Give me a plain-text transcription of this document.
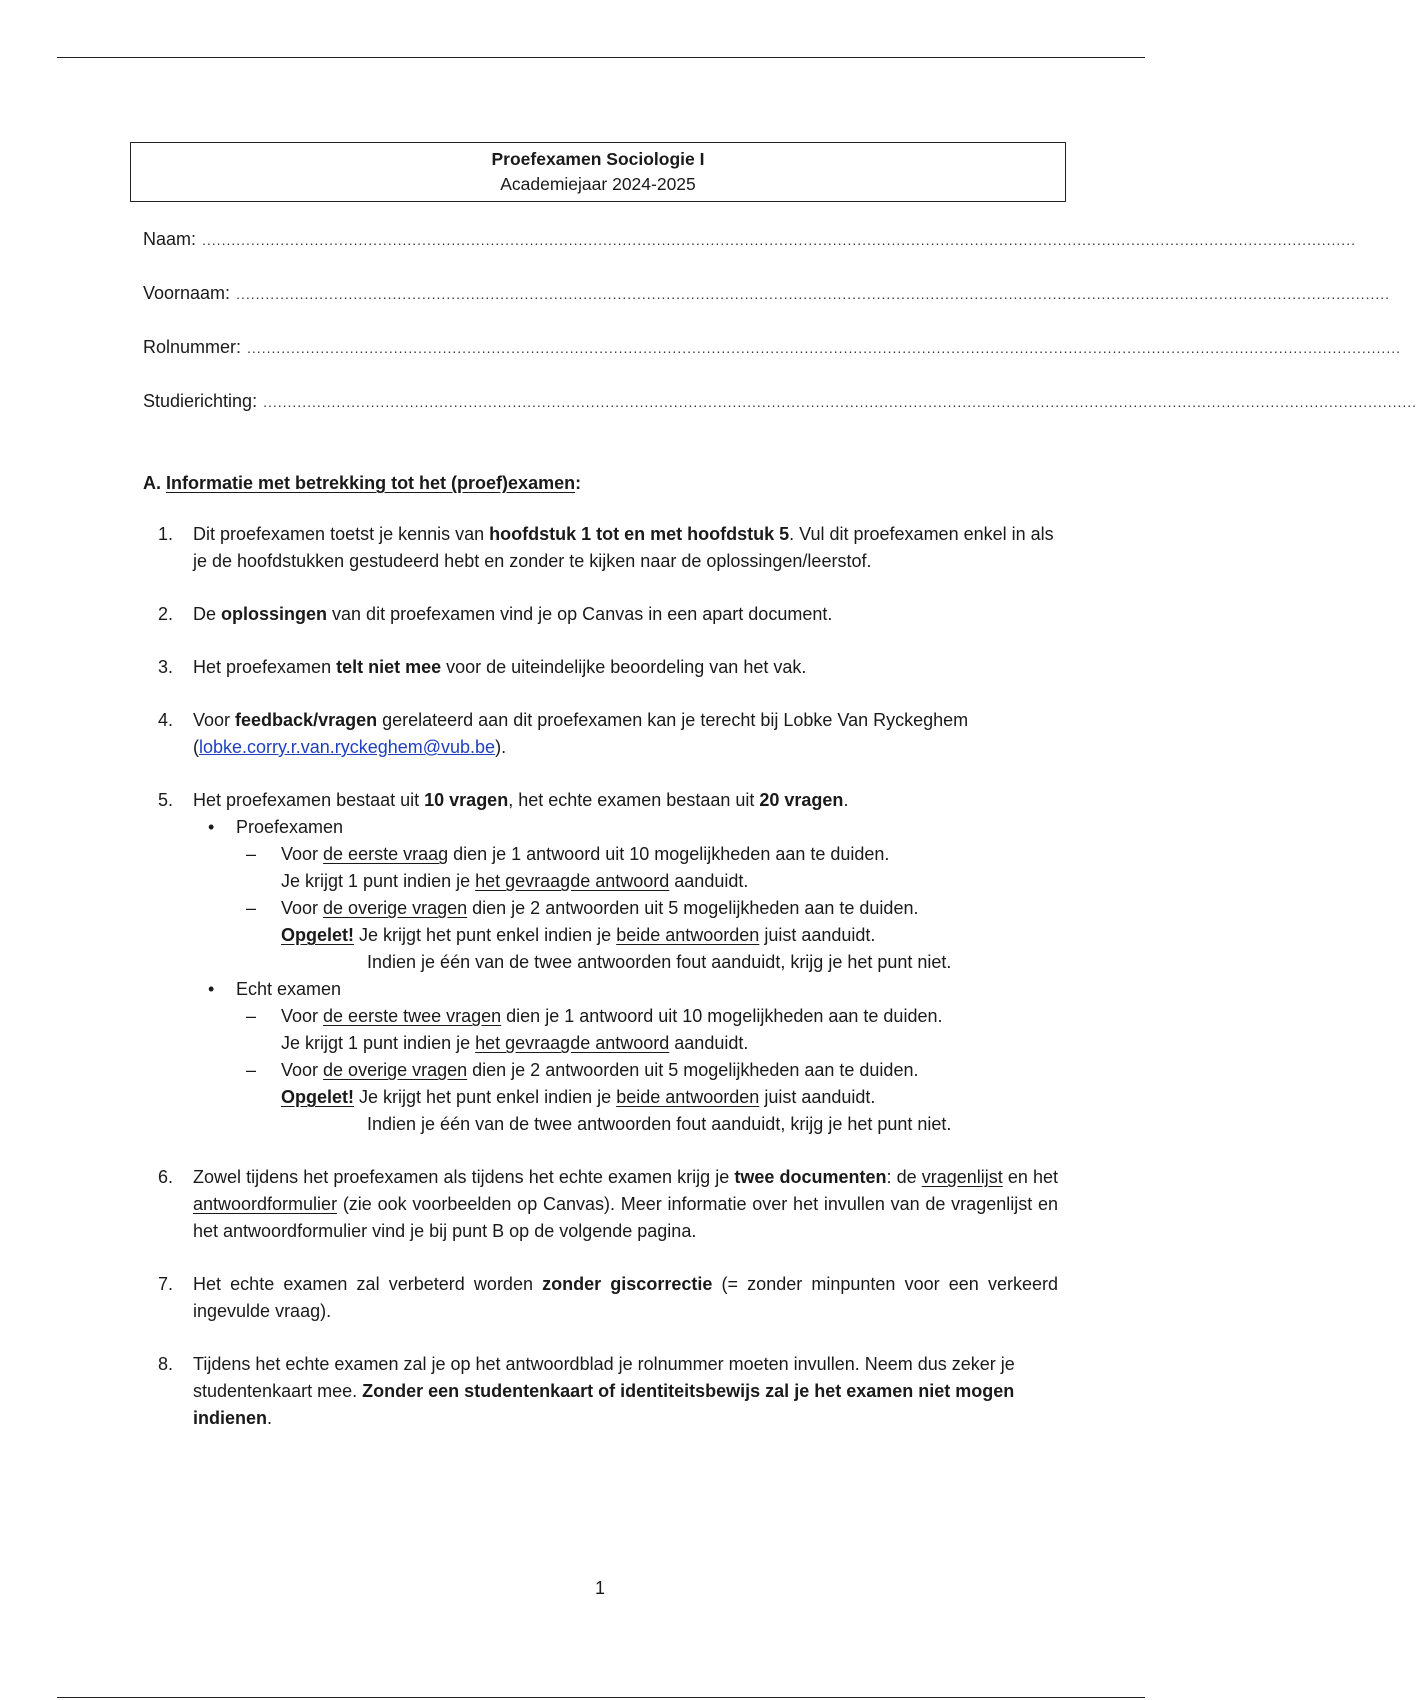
Proefexamen Sociologie I
Academiejaar 2024-2025
Naam: ............................................................................................................................................................................................................................................
Voornaam: ............................................................................................................................................................................................................................................
Rolnummer: ............................................................................................................................................................................................................................................
Studierichting: ............................................................................................................................................................................................................................................

A. Informatie met betrekking tot het (proef)examen:

1. Dit proefexamen toetst je kennis van hoofdstuk 1 tot en met hoofdstuk 5. Vul dit proefexamen enkel in als je de hoofdstukken gestudeerd hebt en zonder te kijken naar de oplossingen/leerstof.
2. De oplossingen van dit proefexamen vind je op Canvas in een apart document.
3. Het proefexamen telt niet mee voor de uiteindelijke beoordeling van het vak.
4. Voor feedback/vragen gerelateerd aan dit proefexamen kan je terecht bij Lobke Van Ryckeghem (lobke.corry.r.van.ryckeghem@vub.be).
5. Het proefexamen bestaat uit 10 vragen, het echte examen bestaan uit 20 vragen.
• Proefexamen
– Voor de eerste vraag dien je 1 antwoord uit 10 mogelijkheden aan te duiden.
Je krijgt 1 punt indien je het gevraagde antwoord aanduidt.
– Voor de overige vragen dien je 2 antwoorden uit 5 mogelijkheden aan te duiden.
Opgelet! Je krijgt het punt enkel indien je beide antwoorden juist aanduidt.
Indien je één van de twee antwoorden fout aanduidt, krijg je het punt niet.
• Echt examen
– Voor de eerste twee vragen dien je 1 antwoord uit 10 mogelijkheden aan te duiden.
Je krijgt 1 punt indien je het gevraagde antwoord aanduidt.
– Voor de overige vragen dien je 2 antwoorden uit 5 mogelijkheden aan te duiden.
Opgelet! Je krijgt het punt enkel indien je beide antwoorden juist aanduidt.
Indien je één van de twee antwoorden fout aanduidt, krijg je het punt niet.
6. Zowel tijdens het proefexamen als tijdens het echte examen krijg je twee documenten: de vragenlijst en het antwoordformulier (zie ook voorbeelden op Canvas). Meer informatie over het invullen van de vragenlijst en het antwoordformulier vind je bij punt B op de volgende pagina.
7. Het echte examen zal verbeterd worden zonder giscorrectie (= zonder minpunten voor een verkeerd ingevulde vraag).
8. Tijdens het echte examen zal je op het antwoordblad je rolnummer moeten invullen. Neem dus zeker je studentenkaart mee. Zonder een studentenkaart of identiteitsbewijs zal je het examen niet mogen indienen.
1
